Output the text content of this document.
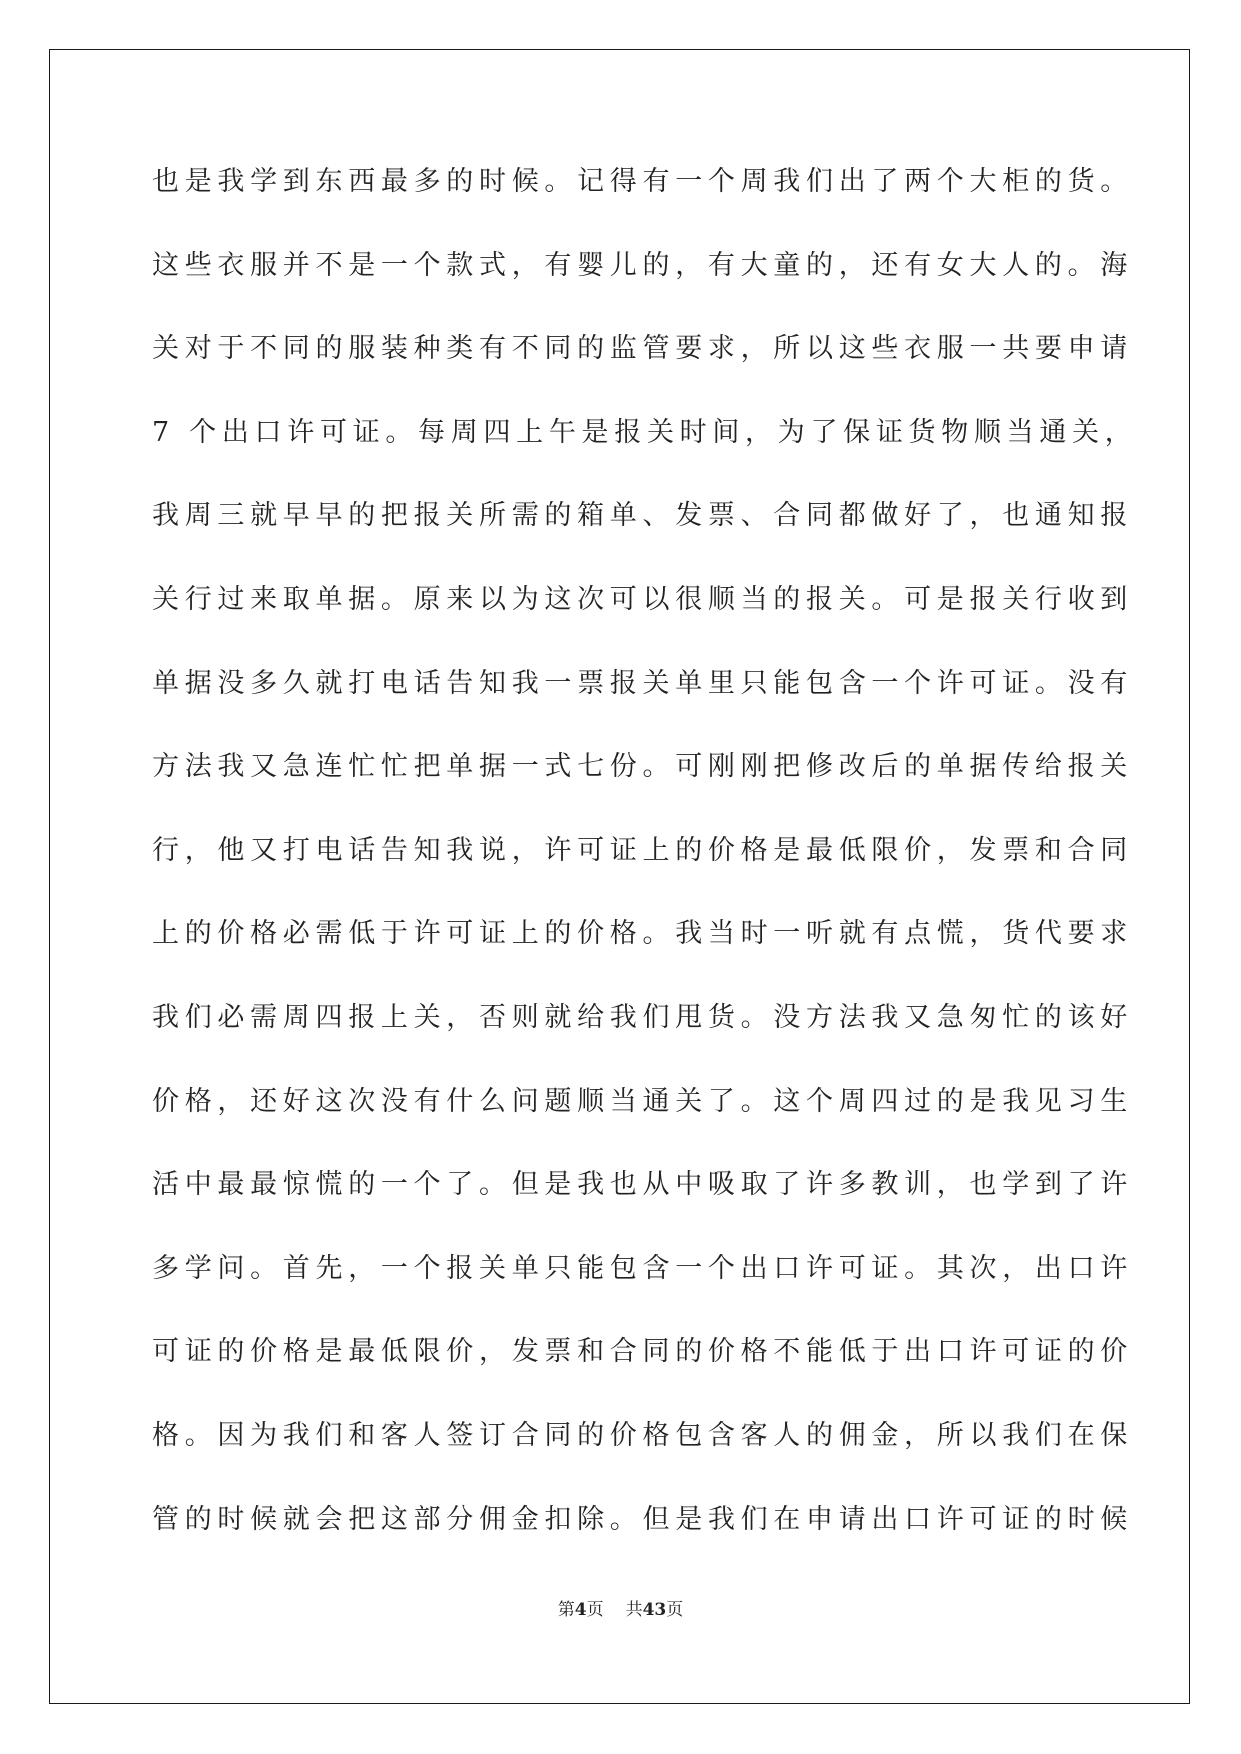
也是我学到东西最多的时候。记得有一个周我们出了两个大柜的货。
这些衣服并不是一个款式，有婴儿的，有大童的，还有女大人的。海
关对于不同的服装种类有不同的监管要求，所以这些衣服一共要申请
7 个出口许可证。每周四上午是报关时间，为了保证货物顺当通关，
我周三就早早的把报关所需的箱单、发票、合同都做好了，也通知报
关行过来取单据。原来以为这次可以很顺当的报关。可是报关行收到
单据没多久就打电话告知我一票报关单里只能包含一个许可证。没有
方法我又急连忙忙把单据一式七份。可刚刚把修改后的单据传给报关
行，他又打电话告知我说，许可证上的价格是最低限价，发票和合同
上的价格必需低于许可证上的价格。我当时一听就有点慌，货代要求
我们必需周四报上关，否则就给我们甩货。没方法我又急匆忙的该好
价格，还好这次没有什么问题顺当通关了。这个周四过的是我见习生
活中最最惊慌的一个了。但是我也从中吸取了许多教训，也学到了许
多学问。首先，一个报关单只能包含一个出口许可证。其次，出口许
可证的价格是最低限价，发票和合同的价格不能低于出口许可证的价
格。因为我们和客人签订合同的价格包含客人的佣金，所以我们在保
管的时候就会把这部分佣金扣除。但是我们在申请出口许可证的时候
第4页 共43页
